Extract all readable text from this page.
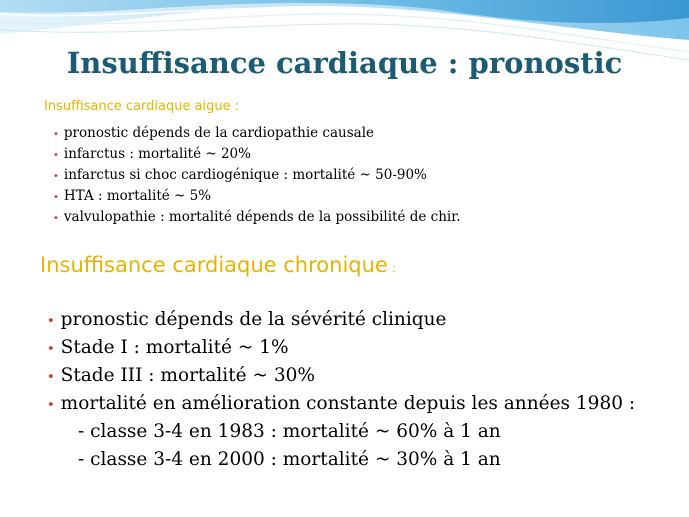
Insuffisance cardiaque : pronostic
Insuffisance cardiaque aigue :
• pronostic dépends de la cardiopathie causale
• infarctus : mortalité ~ 20%
• infarctus si choc cardiogénique : mortalité ~ 50-90%
• HTA : mortalité ~ 5%
• valvulopathie : mortalité dépends de la possibilité de chir.
Insuffisance cardiaque chronique :
• pronostic dépends de la sévérité clinique
• Stade I : mortalité ~ 1%
• Stade III : mortalité ~ 30%
• mortalité en amélioration constante depuis les années 1980 :
- classe 3-4 en 1983 : mortalité ~ 60% à 1 an
- classe 3-4 en 2000 : mortalité ~ 30% à 1 an
